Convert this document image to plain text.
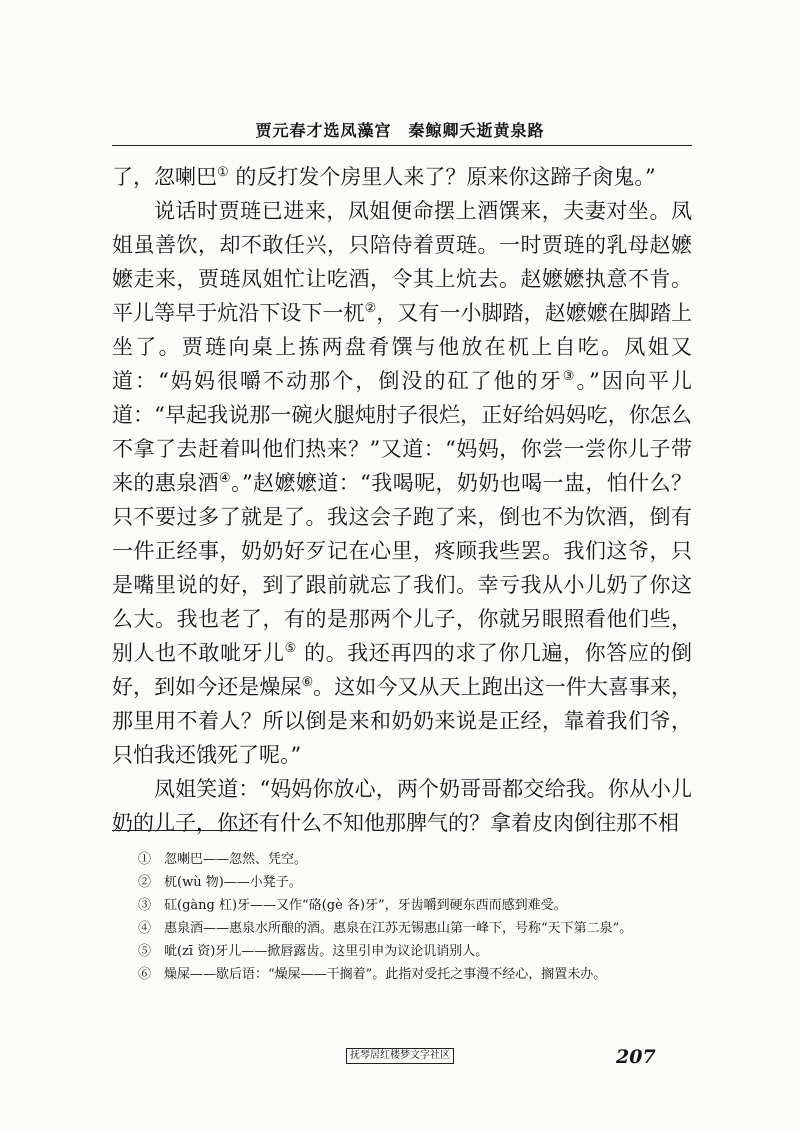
贾元春才选凤藻宫　秦鲸卿夭逝黄泉路

了，忽喇巴① 的反打发个房里人来了？原来你这蹄子肏鬼。”

说话时贾琏已进来，凤姐便命摆上酒馔来，夫妻对坐。凤姐虽善饮，却不敢任兴，只陪侍着贾琏。一时贾琏的乳母赵嬷嬷走来，贾琏凤姐忙让吃酒，令其上炕去。赵嬷嬷执意不肯。平儿等早于炕沿下设下一杌②，又有一小脚踏，赵嬷嬷在脚踏上坐了。贾琏向桌上拣两盘肴馔与他放在杌上自吃。凤姐又道：“妈妈很嚼不动那个，倒没的矼了他的牙③。”因向平儿道：“早起我说那一碗火腿炖肘子很烂，正好给妈妈吃，你怎么不拿了去赶着叫他们热来？”又道：“妈妈，你尝一尝你儿子带来的惠泉酒④。”赵嬷嬷道：“我喝呢，奶奶也喝一盅，怕什么？只不要过多了就是了。我这会子跑了来，倒也不为饮酒，倒有一件正经事，奶奶好歹记在心里，疼顾我些罢。我们这爷，只是嘴里说的好，到了跟前就忘了我们。幸亏我从小儿奶了你这么大。我也老了，有的是那两个儿子，你就另眼照看他们些，别人也不敢呲牙儿⑤ 的。我还再四的求了你几遍，你答应的倒好，到如今还是燥屎⑥。这如今又从天上跑出这一件大喜事来，那里用不着人？所以倒是来和奶奶来说是正经，靠着我们爷，只怕我还饿死了呢。”

凤姐笑道：“妈妈你放心，两个奶哥哥都交给我。你从小儿奶的儿子，你还有什么不知他那脾气的？拿着皮肉倒往那不相

①　忽喇巴——忽然、凭空。

②　杌(wù 物)——小凳子。

③　矼(gàng 杠)牙——又作“硌(gè 各)牙”，牙齿嚼到硬东西而感到难受。

④　惠泉酒——惠泉水所酿的酒。惠泉在江苏无锡惠山第一峰下，号称“天下第二泉”。

⑤　呲(zī 资)牙儿——掀唇露齿。这里引申为议论讥诮别人。

⑥　燥屎——歇后语：“燥屎——干搁着”。此指对受托之事漫不经心，搁置未办。

抚琴居红楼梦文字社区	207
